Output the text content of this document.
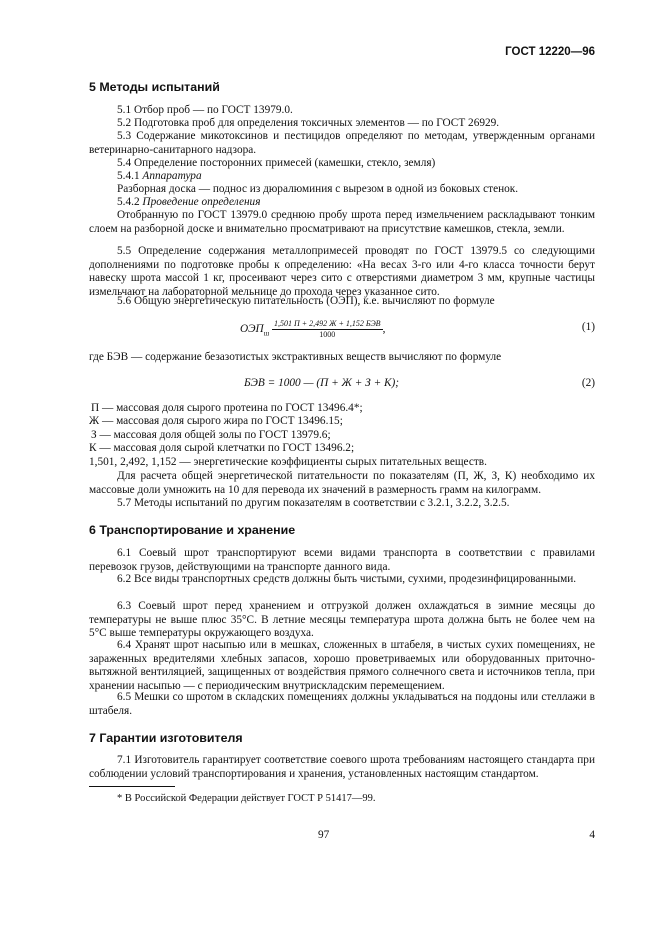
ГОСТ 12220—96
5 Методы испытаний
5.1 Отбор проб — по ГОСТ 13979.0.
5.2 Подготовка проб для определения токсичных элементов — по ГОСТ 26929.
5.3 Содержание микотоксинов и пестицидов определяют по методам, утвержденным органами ветеринарно-санитарного надзора.
5.4 Определение посторонних примесей (камешки, стекло, земля)
5.4.1 Аппаратура
Разборная доска — поднос из дюралюминия с вырезом в одной из боковых стенок.
5.4.2 Проведение определения
Отобранную по ГОСТ 13979.0 среднюю пробу шрота перед измельчением раскладывают тонким слоем на разборной доске и внимательно просматривают на присутствие камешков, стекла, земли.
5.5 Определение содержания металлопримесей проводят по ГОСТ 13979.5 со следующими дополнениями по подготовке пробы к определению: «На весах 3-го или 4-го класса точности берут навеску шрота массой 1 кг, просеивают через сито с отверстиями диаметром 3 мм, крупные частицы измельчают на лабораторной мельнице до прохода через указанное сито.
5.6 Общую энергетическую питательность (ОЭП), к.е. вычисляют по формуле
$ОЭП_ш \frac{\text{1,501 П + 2,492 Ж + 1,152 БЭВ}}{1000}$ ,	(1)
где БЭВ — содержание безазотистых экстрактивных веществ вычисляют по формуле
БЭВ = 1000 — (П + Ж + З + К);	(2)
П — массовая доля сырого протеина по ГОСТ 13496.4*;
Ж — массовая доля сырого жира по ГОСТ 13496.15;
З — массовая доля общей золы по ГОСТ 13979.6;
К — массовая доля сырой клетчатки по ГОСТ 13496.2;
1,501, 2,492, 1,152 — энергетические коэффициенты сырых питательных веществ.
Для расчета общей энергетической питательности по показателям (П, Ж, З, К) необходимо их массовые доли умножить на 10 для перевода их значений в размерность грамм на килограмм.
5.7 Методы испытаний по другим показателям в соответствии с 3.2.1, 3.2.2, 3.2.5.
6 Транспортирование и хранение
6.1 Соевый шрот транспортируют всеми видами транспорта в соответствии с правилами перевозок грузов, действующими на транспорте данного вида.
6.2 Все виды транспортных средств должны быть чистыми, сухими, продезинфицированными.
6.3 Соевый шрот перед хранением и отгрузкой должен охлаждаться в зимние месяцы до температуры не выше плюс 35°С. В летние месяцы температура шрота должна быть не более чем на 5°С выше температуры окружающего воздуха.
6.4 Хранят шрот насыпью или в мешках, сложенных в штабеля, в чистых сухих помещениях, не зараженных вредителями хлебных запасов, хорошо проветриваемых или оборудованных приточно-вытяжной вентиляцией, защищенных от воздействия прямого солнечного света и источников тепла, при хранении насыпью — с периодическим внутрискладским перемещением.
6.5 Мешки со шротом в складских помещениях должны укладываться на поддоны или стеллажи в штабеля.
7 Гарантии изготовителя
7.1 Изготовитель гарантирует соответствие соевого шрота требованиям настоящего стандарта при соблюдении условий транспортирования и хранения, установленных настоящим стандартом.
* В Российской Федерации действует ГОСТ Р 51417—99.
97	4
